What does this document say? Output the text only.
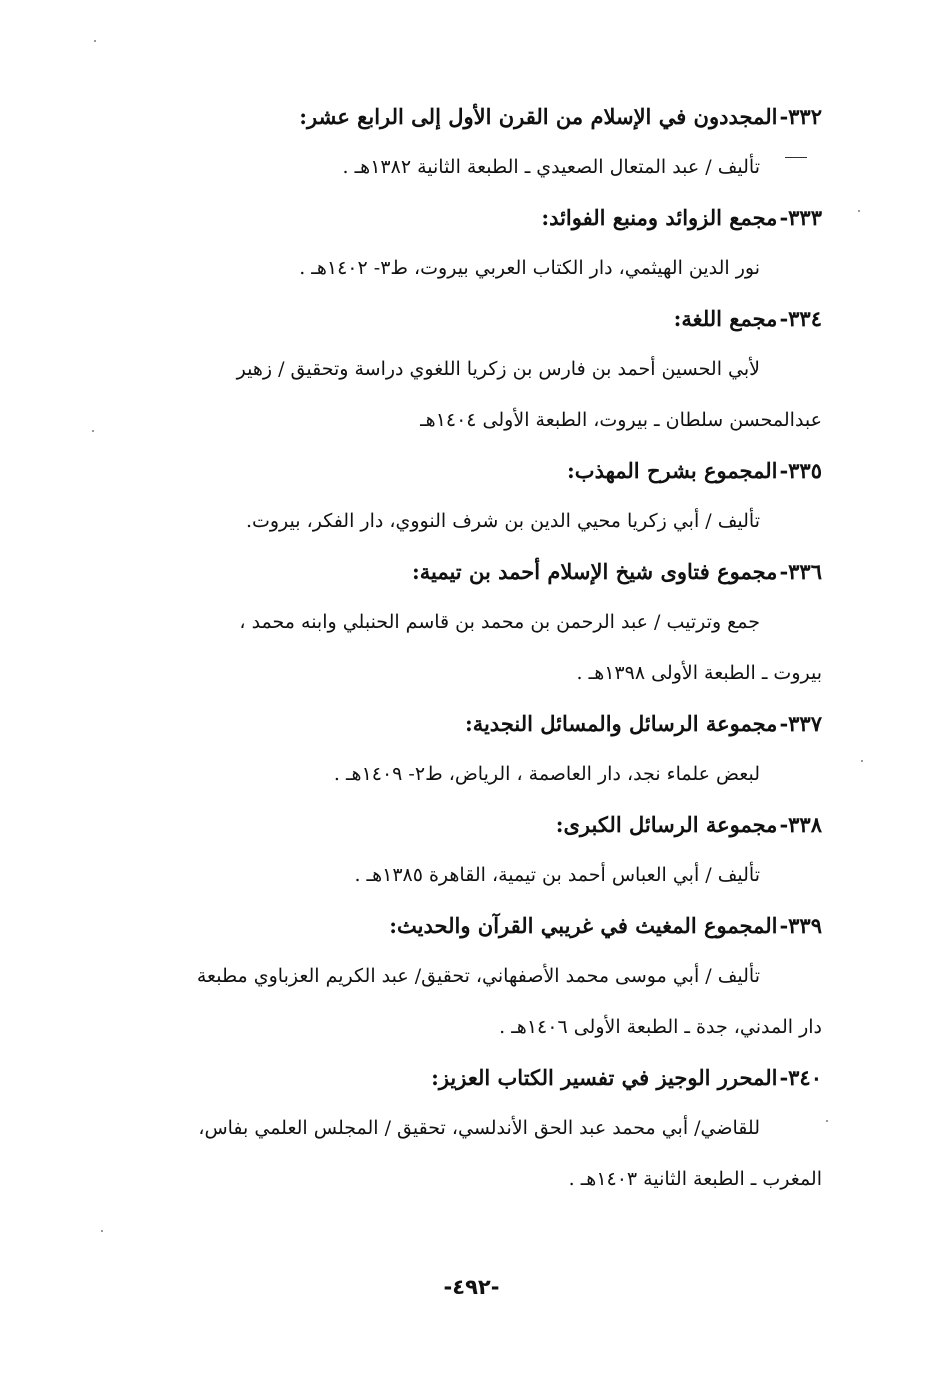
٣٣٢-المجددون في الإسلام من القرن الأول إلى الرابع عشر:
تأليف / عبد المتعال الصعيدي ـ الطبعة الثانية ١٣٨٢هـ .
٣٣٣-مجمع الزوائد ومنبع الفوائد:
نور الدين الهيثمي، دار الكتاب العربي بيروت، ط٣- ١٤٠٢هـ .
٣٣٤-مجمع اللغة:
لأبي الحسين أحمد بن فارس بن زكريا اللغوي دراسة وتحقيق / زهير
عبدالمحسن سلطان ـ بيروت، الطبعة الأولى ١٤٠٤هـ
٣٣٥-المجموع بشرح المهذب:
تأليف / أبي زكريا محيي الدين بن شرف النووي، دار الفكر، بيروت.
٣٣٦-مجموع فتاوى شيخ الإسلام أحمد بن تيمية:
جمع وترتيب / عبد الرحمن بن محمد بن قاسم الحنبلي وابنه محمد ،
بيروت ـ الطبعة الأولى ١٣٩٨هـ .
٣٣٧-مجموعة الرسائل والمسائل النجدية:
لبعض علماء نجد، دار العاصمة ، الرياض، ط٢- ١٤٠٩هـ .
٣٣٨-مجموعة الرسائل الكبرى:
تأليف / أبي العباس أحمد بن تيمية، القاهرة ١٣٨٥هـ .
٣٣٩-المجموع المغيث في غريبي القرآن والحديث:
تأليف / أبي موسى محمد الأصفهاني، تحقيق/ عبد الكريم العزباوي مطبعة
دار المدني، جدة ـ الطبعة الأولى ١٤٠٦هـ .
٣٤٠-المحرر الوجيز في تفسير الكتاب العزيز:
للقاضي/ أبي محمد عبد الحق الأندلسي، تحقيق / المجلس العلمي بفاس،
المغرب ـ الطبعة الثانية ١٤٠٣هـ .
-٤٩٢-
